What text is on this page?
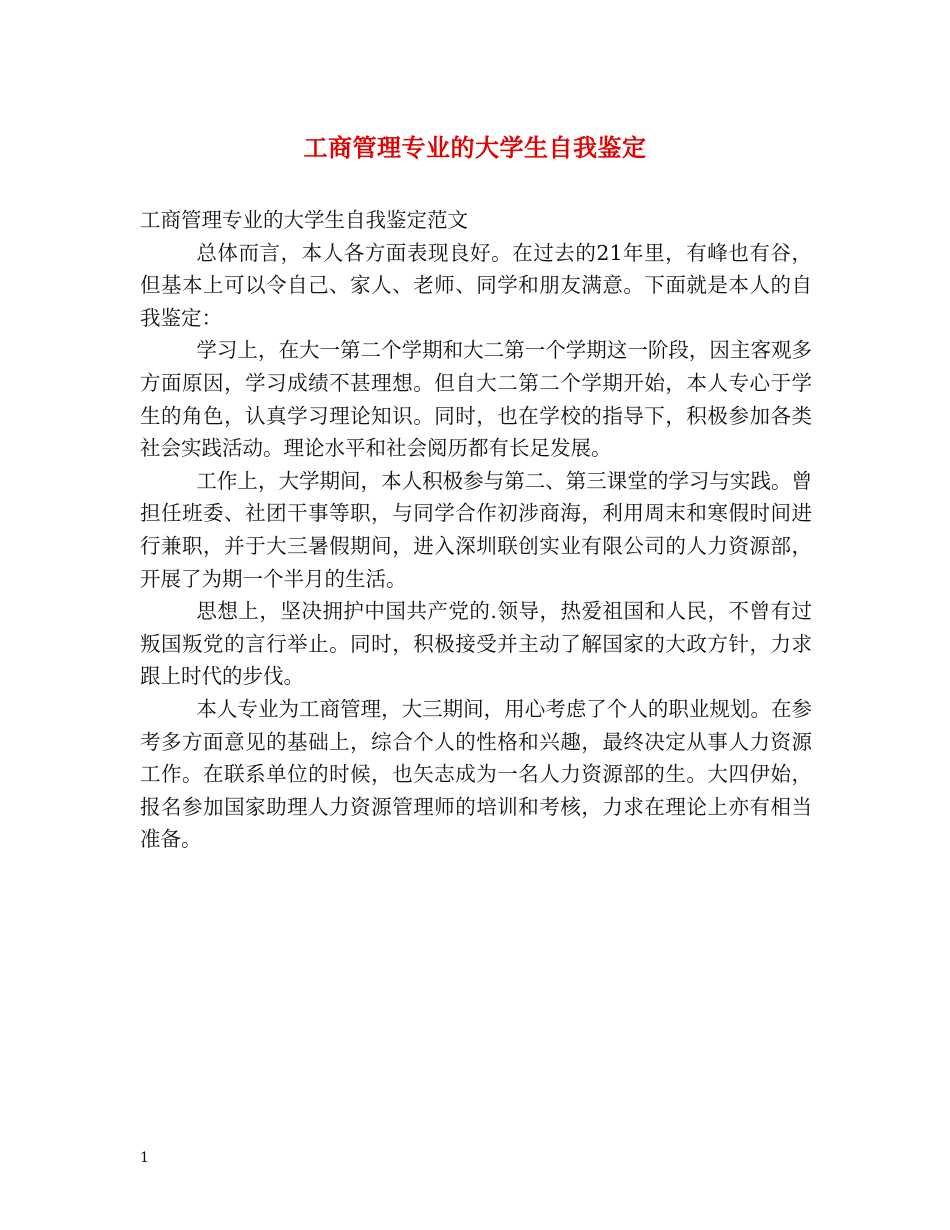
工商管理专业的大学生自我鉴定

工商管理专业的大学生自我鉴定范文

总体而言，本人各方面表现良好。在过去的21年里，有峰也有谷，但基本上可以令自己、家人、老师、同学和朋友满意。下面就是本人的自我鉴定：

学习上，在大一第二个学期和大二第一个学期这一阶段，因主客观多方面原因，学习成绩不甚理想。但自大二第二个学期开始，本人专心于学生的角色，认真学习理论知识。同时，也在学校的指导下，积极参加各类社会实践活动。理论水平和社会阅历都有长足发展。

工作上，大学期间，本人积极参与第二、第三课堂的学习与实践。曾担任班委、社团干事等职，与同学合作初涉商海，利用周末和寒假时间进行兼职，并于大三暑假期间，进入深圳联创实业有限公司的人力资源部，开展了为期一个半月的生活。

思想上，坚决拥护中国共产党的.领导，热爱祖国和人民，不曾有过叛国叛党的言行举止。同时，积极接受并主动了解国家的大政方针，力求跟上时代的步伐。

本人专业为工商管理，大三期间，用心考虑了个人的职业规划。在参考多方面意见的基础上，综合个人的性格和兴趣，最终决定从事人力资源工作。在联系单位的时候，也矢志成为一名人力资源部的生。大四伊始，报名参加国家助理人力资源管理师的培训和考核，力求在理论上亦有相当准备。

1
